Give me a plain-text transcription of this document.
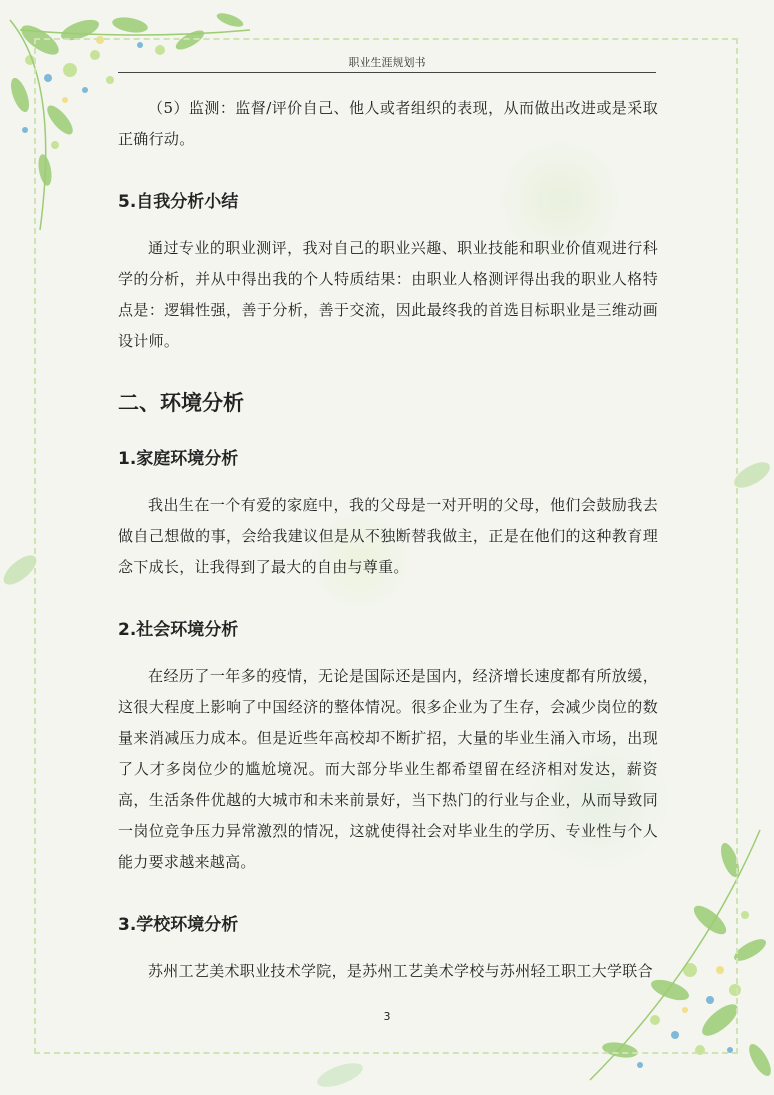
职业生涯规划书

（5）监测：监督/评价自己、他人或者组织的表现，从而做出改进或是采取正确行动。

5.自我分析小结

通过专业的职业测评，我对自己的职业兴趣、职业技能和职业价值观进行科学的分析，并从中得出我的个人特质结果：由职业人格测评得出我的职业人格特点是：逻辑性强，善于分析，善于交流，因此最终我的首选目标职业是三维动画设计师。

二、环境分析
1.家庭环境分析

我出生在一个有爱的家庭中，我的父母是一对开明的父母，他们会鼓励我去做自己想做的事，会给我建议但是从不独断替我做主，正是在他们的这种教育理念下成长，让我得到了最大的自由与尊重。

2.社会环境分析

在经历了一年多的疫情，无论是国际还是国内，经济增长速度都有所放缓，这很大程度上影响了中国经济的整体情况。很多企业为了生存，会减少岗位的数量来消减压力成本。但是近些年高校却不断扩招，大量的毕业生涌入市场，出现了人才多岗位少的尴尬境况。而大部分毕业生都希望留在经济相对发达，薪资高，生活条件优越的大城市和未来前景好，当下热门的行业与企业，从而导致同一岗位竞争压力异常激烈的情况，这就使得社会对毕业生的学历、专业性与个人能力要求越来越高。

3.学校环境分析

苏州工艺美术职业技术学院，是苏州工艺美术学校与苏州轻工职工大学联合

3
